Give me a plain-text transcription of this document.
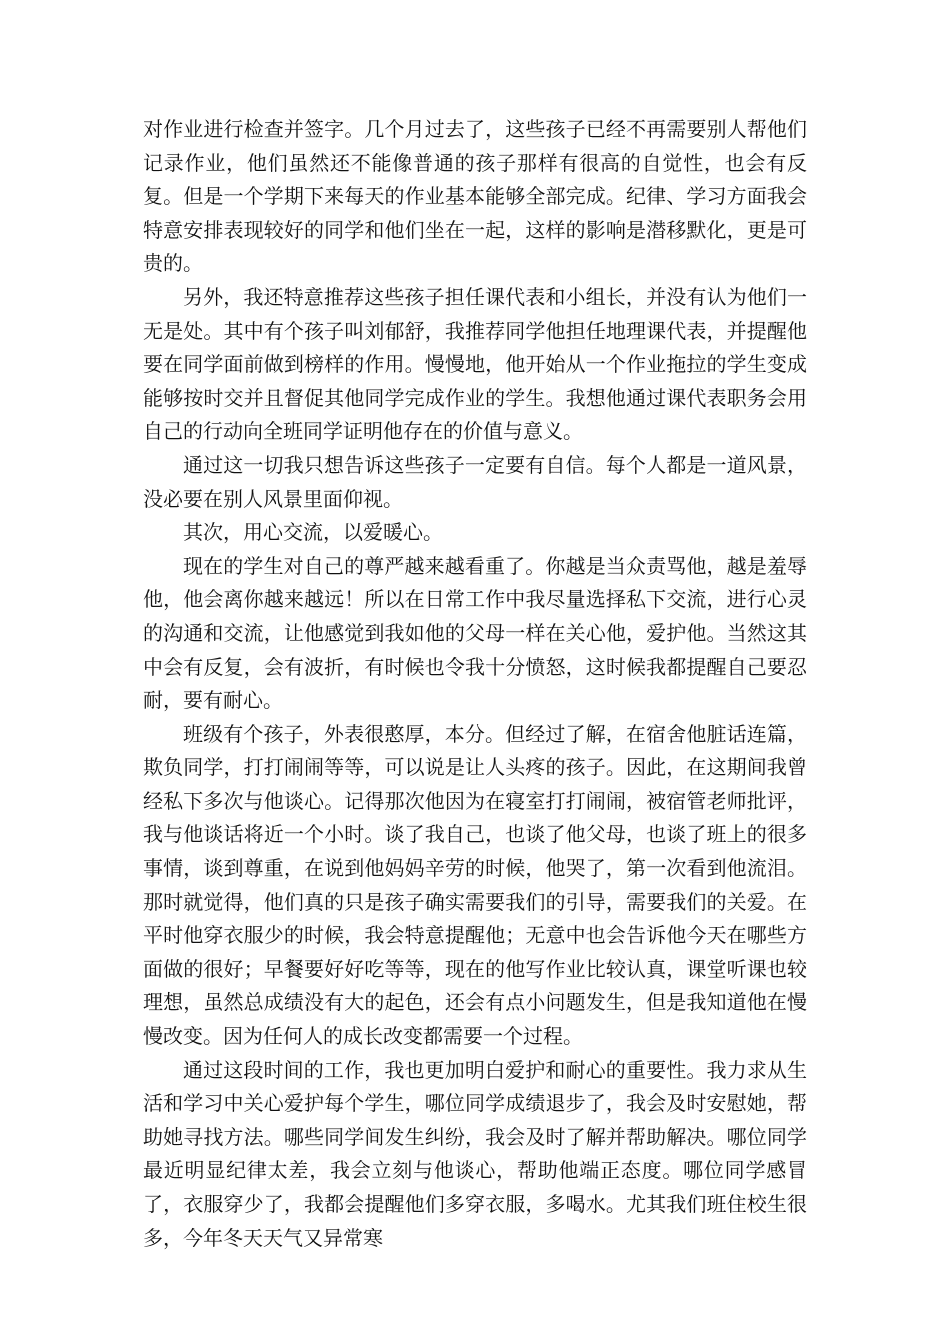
对作业进行检查并签字。几个月过去了，这些孩子已经不再需要别人帮他们记录作业，他们虽然还不能像普通的孩子那样有很高的自觉性，也会有反复。但是一个学期下来每天的作业基本能够全部完成。纪律、学习方面我会特意安排表现较好的同学和他们坐在一起，这样的影响是潜移默化，更是可贵的。

另外，我还特意推荐这些孩子担任课代表和小组长，并没有认为他们一无是处。其中有个孩子叫刘郁舒，我推荐同学他担任地理课代表，并提醒他要在同学面前做到榜样的作用。慢慢地，他开始从一个作业拖拉的学生变成能够按时交并且督促其他同学完成作业的学生。我想他通过课代表职务会用自己的行动向全班同学证明他存在的价值与意义。

通过这一切我只想告诉这些孩子一定要有自信。每个人都是一道风景，没必要在别人风景里面仰视。

其次，用心交流，以爱暖心。

现在的学生对自己的尊严越来越看重了。你越是当众责骂他，越是羞辱他，他会离你越来越远！所以在日常工作中我尽量选择私下交流，进行心灵的沟通和交流，让他感觉到我如他的父母一样在关心他，爱护他。当然这其中会有反复，会有波折，有时候也令我十分愤怒，这时候我都提醒自己要忍耐，要有耐心。

班级有个孩子，外表很憨厚，本分。但经过了解，在宿舍他脏话连篇，欺负同学，打打闹闹等等，可以说是让人头疼的孩子。因此，在这期间我曾经私下多次与他谈心。记得那次他因为在寝室打打闹闹，被宿管老师批评，我与他谈话将近一个小时。谈了我自己，也谈了他父母，也谈了班上的很多事情，谈到尊重，在说到他妈妈辛劳的时候，他哭了，第一次看到他流泪。那时就觉得，他们真的只是孩子确实需要我们的引导，需要我们的关爱。在平时他穿衣服少的时候，我会特意提醒他；无意中也会告诉他今天在哪些方面做的很好；早餐要好好吃等等，现在的他写作业比较认真，课堂听课也较理想，虽然总成绩没有大的起色，还会有点小问题发生，但是我知道他在慢慢改变。因为任何人的成长改变都需要一个过程。

通过这段时间的工作，我也更加明白爱护和耐心的重要性。我力求从生活和学习中关心爱护每个学生，哪位同学成绩退步了，我会及时安慰她，帮助她寻找方法。哪些同学间发生纠纷，我会及时了解并帮助解决。哪位同学最近明显纪律太差，我会立刻与他谈心，帮助他端正态度。哪位同学感冒了，衣服穿少了，我都会提醒他们多穿衣服，多喝水。尤其我们班住校生很多，今年冬天天气又异常寒
